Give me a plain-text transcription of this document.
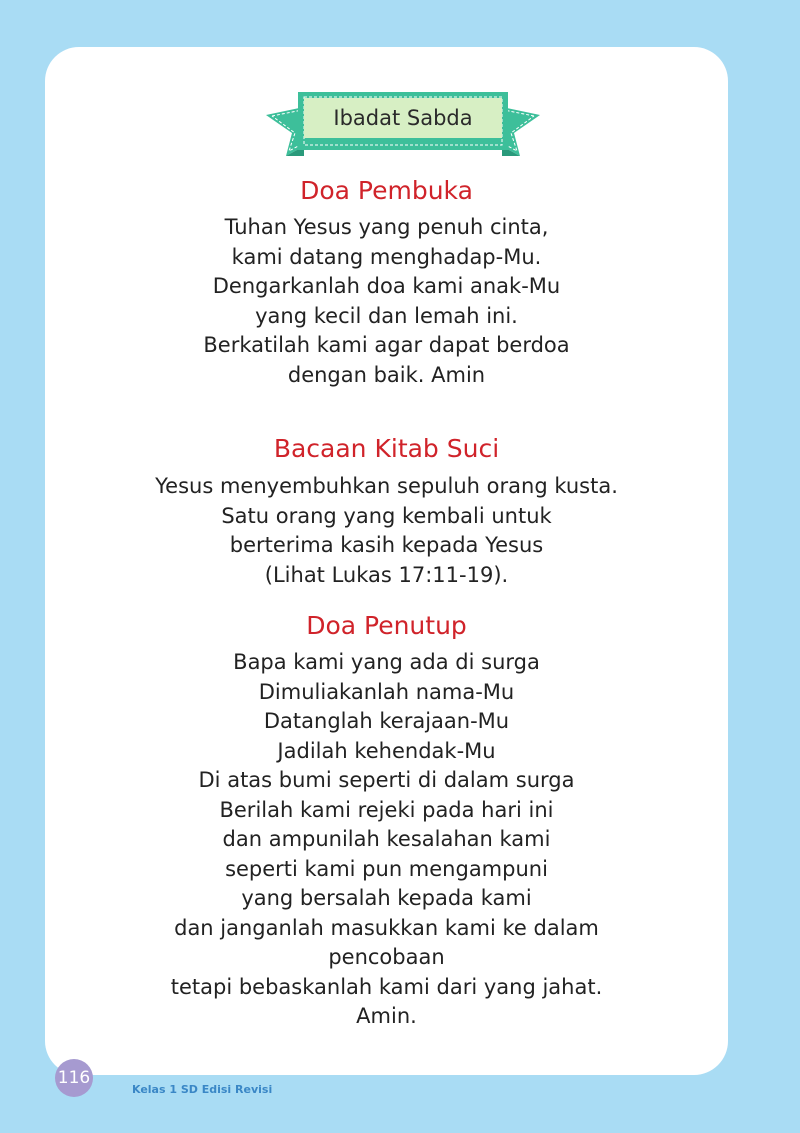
Ibadat Sabda
Doa Pembuka
Tuhan Yesus yang penuh cinta,
kami datang menghadap-Mu.
Dengarkanlah doa kami anak-Mu
yang kecil dan lemah ini.
Berkatilah kami agar dapat berdoa
dengan baik. Amin
Bacaan Kitab Suci
Yesus menyembuhkan sepuluh orang kusta.
Satu orang yang kembali untuk
berterima kasih kepada Yesus
(Lihat Lukas 17:11-19).
Doa Penutup
Bapa kami yang ada di surga
Dimuliakanlah nama-Mu
Datanglah kerajaan-Mu
Jadilah kehendak-Mu
Di atas bumi seperti di dalam surga
Berilah kami rejeki pada hari ini
dan ampunilah kesalahan kami
seperti kami pun mengampuni
yang bersalah kepada kami
dan janganlah masukkan kami ke dalam
pencobaan
tetapi bebaskanlah kami dari yang jahat.
Amin.
116
Kelas 1 SD Edisi Revisi
